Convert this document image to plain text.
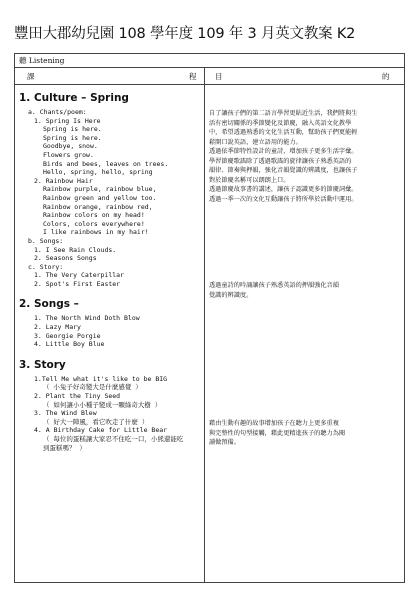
豐田大郡幼兒園 108 學年度 109 年 3 月英文教案 K2
聽 Listening
課	程 目	的
1. Culture – Spring
a. Chants/poem:
1. Spring Is Here
Spring is here.
Spring is here.
Goodbye, snow.
Flowers grow.
Birds and bees, leaves on trees.
Hello, spring, hello, spring
2. Rainbow Hair
Rainbow purple, rainbow blue,
Rainbow green and yellow too.
Rainbow orange, rainbow red,
Rainbow colors on my head!
Colors, colors everywhere!
I like rainbows in my hair!
b. Songs:
1. I See Rain Clouds.
2. Seasons Songs
c. Story:
1. The Very Caterpillar
2. Spot's First Easter
2. Songs –
1. The North Wind Doth Blow
2. Lazy Mary
3. Georgie Porgie
4. Little Boy Blue
3. Story
1.Tell Me what it's like to be BIG
（ 小兔子好奇變大是什麼感覺 ）
2. Plant the Tiny Seed
（ 如何讓小小種子變成一顆綠奇大樹 ）
3. The Wind Blew
（ 好大一陣風，看它吹走了什麼 ）
4. A Birthday Cake for Little Bear
（ 每位的蛋糕讓大家忍不住吃一口，小熊還能吃
到蛋糕嗎？ ）
自了讓孩子們的第二語言學習更貼近生活，我們將與生
活有密切關係的季節變化及節慶，融入英語文化教學
中，希望透過熟悉的文化生活互動，幫助孩子們更能輕
鬆開口說英語，建立語用的能力。
透過依季節特性設計的童詩，增加孩子更多生活字彙。
學習節慶歌謠除了透過歌謠的旋律讓孩子熟悉英語的
韻律、節奏與押韻，強化音韻覺識的辨識度，也讓孩子
對於節慶名稱可以朗朗上口。
透過節慶故事書的講述，讓孩子認識更多的節慶詞彙。
透過一季一次的文化互動讓孩子將所學於活動中運用。
透過童詩的吟誦讓孩子熟悉英語的押韻強化音韻
覺識的辨識度。
藉由生動有趣的故事增加孩子在聽力上更多重複
與完整性的句型接觸，藉此更精進孩子的聽力為閱
讀做預備。
